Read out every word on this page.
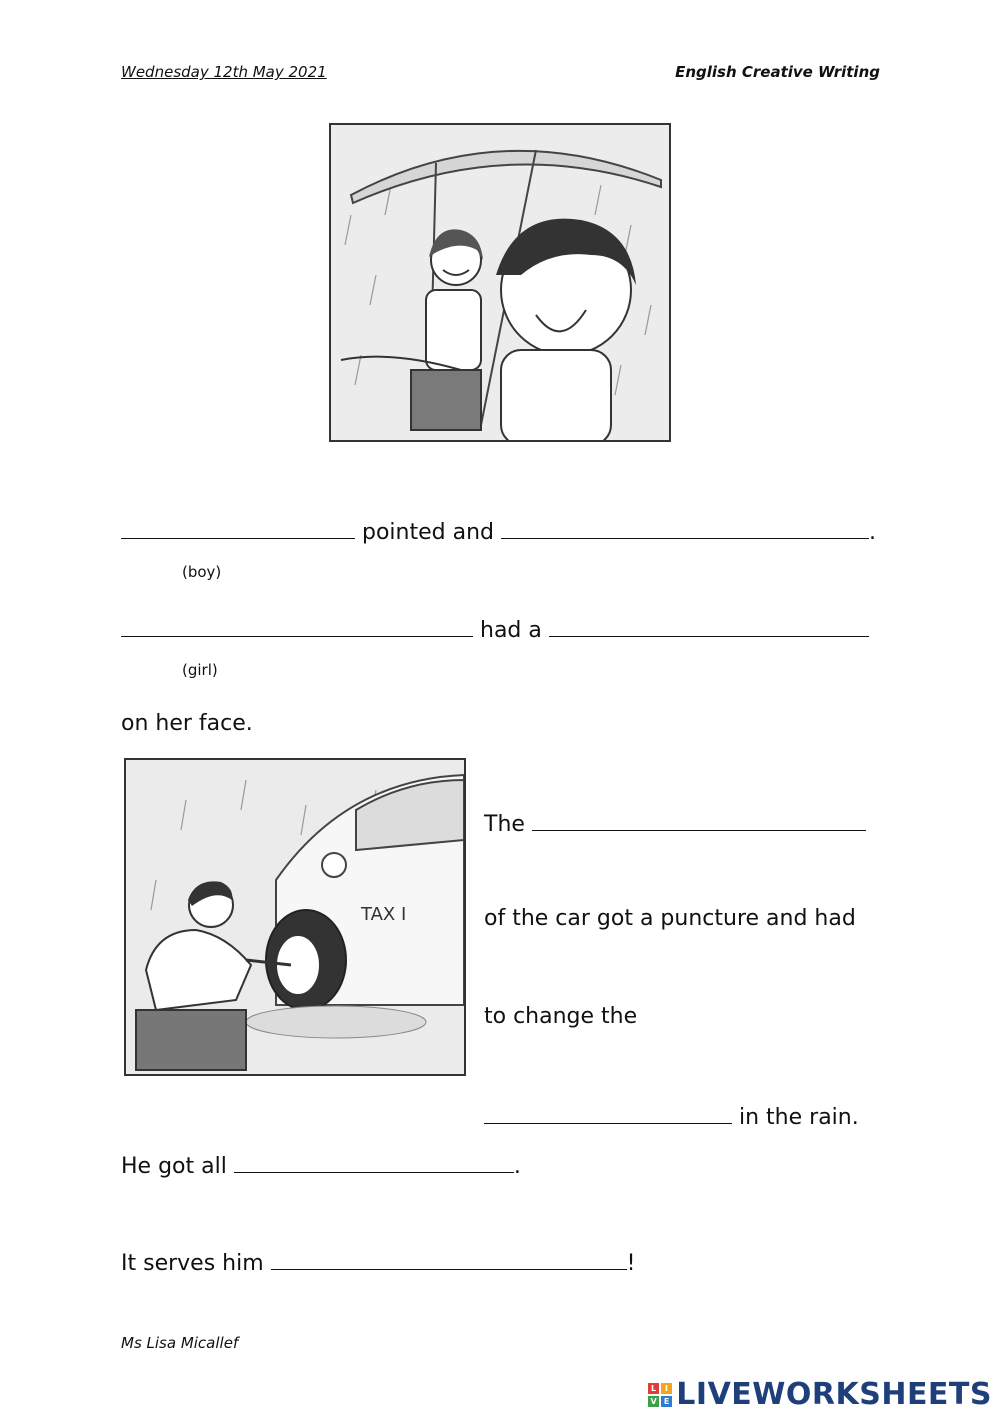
Wednesday 12th May 2021	English Creative Writing
pointed and	.
(boy)
had a
(girl)
on her face.
TAX I
The
of the car got a puncture and had
to change the
in the rain.
He got all	.
It serves him	!
Ms Lisa Micallef
L	I
V E LIVEWORKSHEETS
